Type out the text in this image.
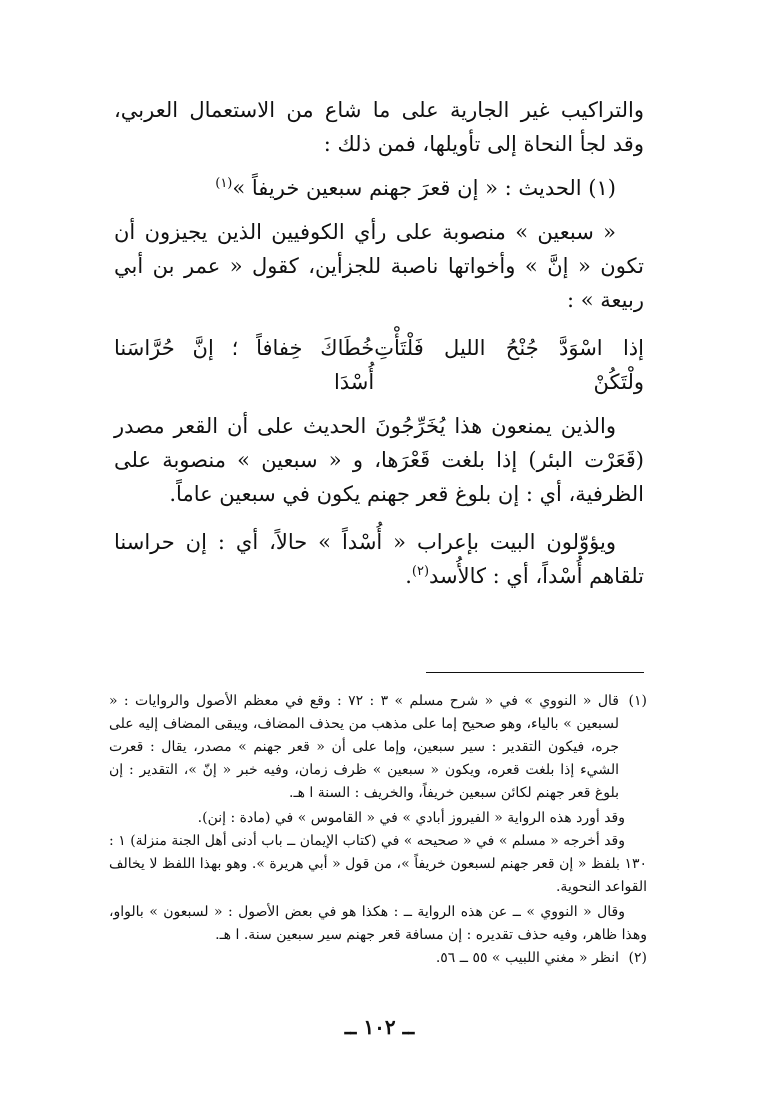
والتراكيب غير الجارية على ما شاع من الاستعمال العربي، وقد لجأ النحاة إلى تأويلها، فمن ذلك :

(١) الحديث : « إن قعرَ جهنم سبعين خريفاً »$^{(١)}$

« سبعين » منصوبة على رأي الكوفيين الذين يجيزون أن تكون « إنَّ » وأخواتها ناصبة للجزأين، كقول « عمر بن أبي ربيعة » :

إذا اسْوَدَّ جُنْحُ الليل فَلْتَأْتِ ولْتَكُنْ
خُطَاكَ خِفافاً ؛ إنَّ حُرَّاسَنا أُسْدَا

والذين يمنعون هذا يُخَرِّجُونَ الحديث على أن القعر مصدر (قَعَرْت البئر) إذا بلغت قَعْرَها، و « سبعين » منصوبة على الظرفية، أي : إن بلوغ قعر جهنم يكون في سبعين عاماً.

ويؤوّلون البيت بإعراب « أُسْداً » حالاً، أي : إن حراسنا تلقاهم أُسْداً، أي : كالأُسد$^{(٢)}$.

(١)قال « النووي » في « شرح مسلم » ٣ : ٧٢ : وقع في معظم الأصول والروايات : « لسبعين » بالياء، وهو صحيح إما على مذهب من يحذف المضاف، ويبقى المضاف إليه على جره، فيكون التقدير : سير سبعين، وإما على أن « قعر جهنم » مصدر، يقال : قعرت الشيء إذا بلغت قعره، ويكون « سبعين » ظرف زمان، وفيه خبر « إنّ »، التقدير : إن بلوغ قعر جهنم لكائن سبعين خريفاً، والخريف : السنة ا هـ.

وقد أورد هذه الرواية « الفيروز أبادي » في « القاموس » في (مادة : إنن).

وقد أخرجه « مسلم » في « صحيحه » في (كتاب الإيمان ــ باب أدنى أهل الجنة منزلة) ١ : ١٣٠ بلفظ « إن قعر جهنم لسبعون خريفاً »، من قول « أبي هريرة ». وهو بهذا اللفظ لا يخالف القواعد النحوية.

وقال « النووي » ــ عن هذه الرواية ــ : هكذا هو في بعض الأصول : « لسبعون » بالواو، وهذا ظاهر، وفيه حذف تقديره : إن مسافة قعر جهنم سير سبعين سنة. ا هـ.

(٢)انظر « مغني اللبيب » ٥٥ ــ ٥٦.

ــ ١٠٢ ــ
